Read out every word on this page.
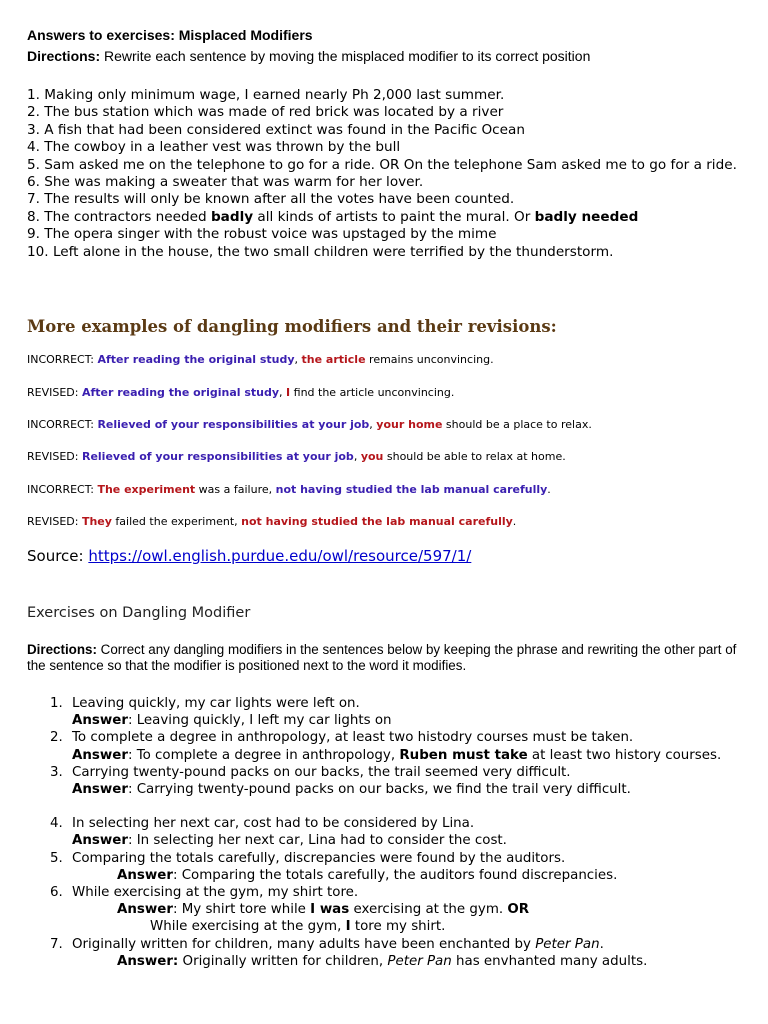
Answers to exercises: Misplaced Modifiers
Directions: Rewrite each sentence by moving the misplaced modifier to its correct position
1. Making only minimum wage, I earned nearly Ph 2,000 last summer.
2. The bus station which was made of red brick was located by a river
3. A fish that had been considered extinct was found in the Pacific Ocean
4. The cowboy in a leather vest was thrown by the bull
5. Sam asked me on the telephone to go for a ride. OR On the telephone Sam asked me to go for a ride.
6. She was making a sweater that was warm for her lover.
7. The results will only be known after all the votes have been counted.
8. The contractors needed badly all kinds of artists to paint the mural. Or badly needed
9. The opera singer with the robust voice was upstaged by the mime
10. Left alone in the house, the two small children were terrified by the thunderstorm.
More examples of dangling modifiers and their revisions:
INCORRECT: After reading the original study, the article remains unconvincing.
REVISED: After reading the original study, I find the article unconvincing.
INCORRECT: Relieved of your responsibilities at your job, your home should be a place to relax.
REVISED: Relieved of your responsibilities at your job, you should be able to relax at home.
INCORRECT: The experiment was a failure, not having studied the lab manual carefully.
REVISED: They failed the experiment, not having studied the lab manual carefully.
Source: https://owl.english.purdue.edu/owl/resource/597/1/
Exercises on Dangling Modifier
Directions: Correct any dangling modifiers in the sentences below by keeping the phrase and rewriting the other part of the sentence so that the modifier is positioned next to the word it modifies.
1. Leaving quickly, my car lights were left on.
Answer: Leaving quickly, I left my car lights on
2. To complete a degree in anthropology, at least two histodry courses must be taken.
Answer: To complete a degree in anthropology, Ruben must take at least two history courses.
3. Carrying twenty-pound packs on our backs, the trail seemed very difficult.
Answer: Carrying twenty-pound packs on our backs, we find the trail very difficult.
4. In selecting her next car, cost had to be considered by Lina.
Answer: In selecting her next car, Lina had to consider the cost.
5. Comparing the totals carefully, discrepancies were found by the auditors.
Answer: Comparing the totals carefully, the auditors found discrepancies.
6. While exercising at the gym, my shirt tore.
Answer: My shirt tore while I was exercising at the gym. OR
While exercising at the gym, I tore my shirt.
7. Originally written for children, many adults have been enchanted by Peter Pan.
Answer: Originally written for children, Peter Pan has envhanted many adults.
